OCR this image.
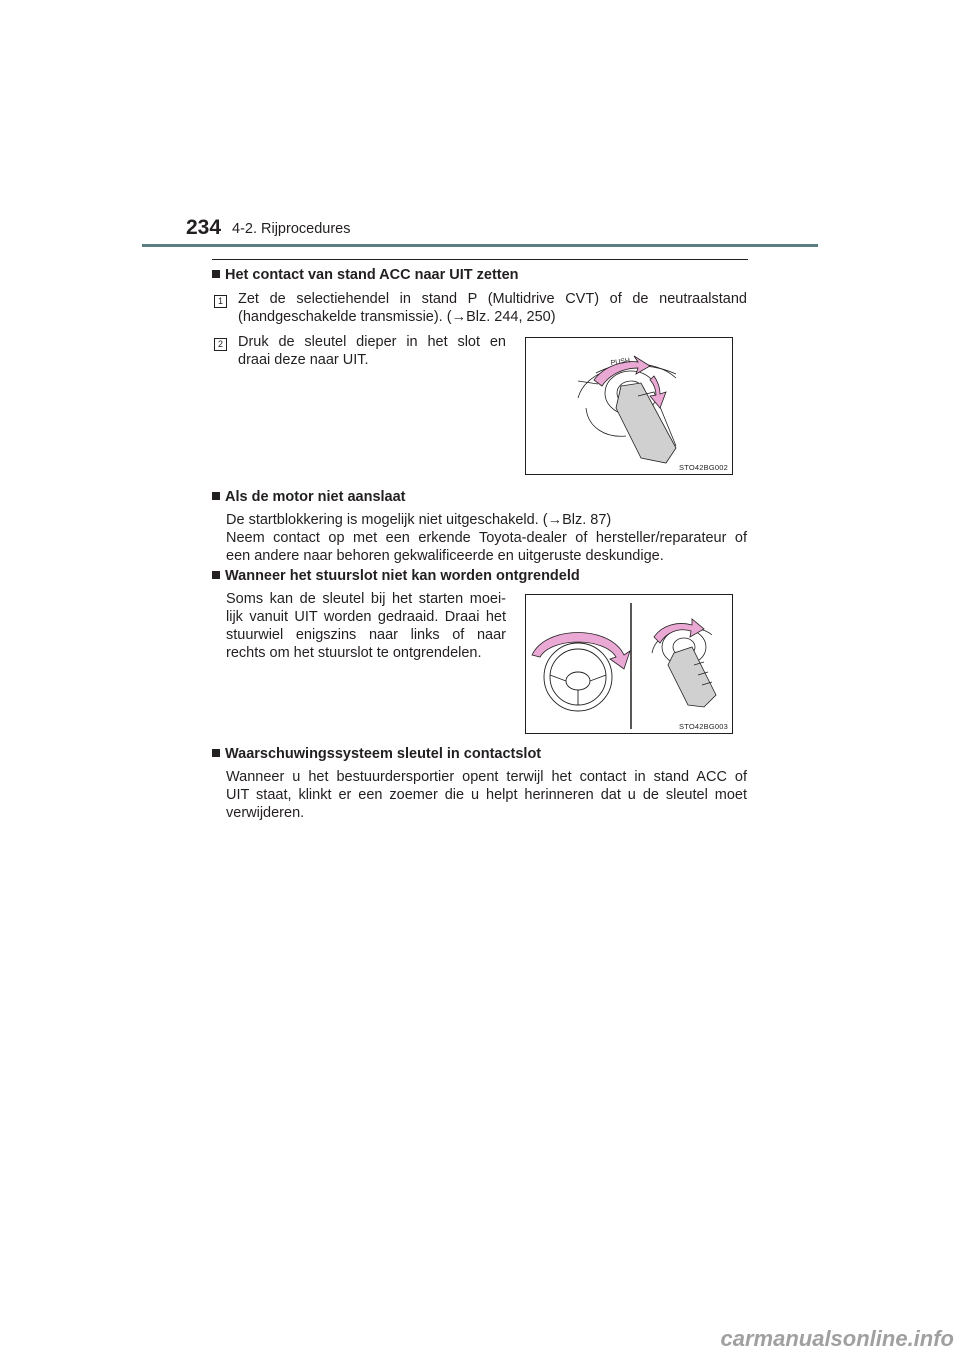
234 4-2. Rijprocedures
Het contact van stand ACC naar UIT zetten
1 Zet de selectiehendel in stand P (Multidrive CVT) of de neutraalstand
(handgeschakelde transmissie). (→Blz. 244, 250)
2 Druk de sleutel dieper in het slot en
draai deze naar UIT.	PUSH
STO42BG002
Als de motor niet aanslaat
De startblokkering is mogelijk niet uitgeschakeld. (→Blz. 87)
Neem contact op met een erkende Toyota-dealer of hersteller/reparateur of
een andere naar behoren gekwalificeerde en uitgeruste deskundige.
Wanneer het stuurslot niet kan worden ontgrendeld
Soms kan de sleutel bij het starten moei-
lijk vanuit UIT worden gedraaid. Draai het
stuurwiel enigszins naar links of naar
rechts om het stuurslot te ontgrendelen.
STO42BG003
Waarschuwingssysteem sleutel in contactslot
Wanneer u het bestuurdersportier opent terwijl het contact in stand ACC of
UIT staat, klinkt er een zoemer die u helpt herinneren dat u de sleutel moet
verwijderen.
carmanualsonline.info
